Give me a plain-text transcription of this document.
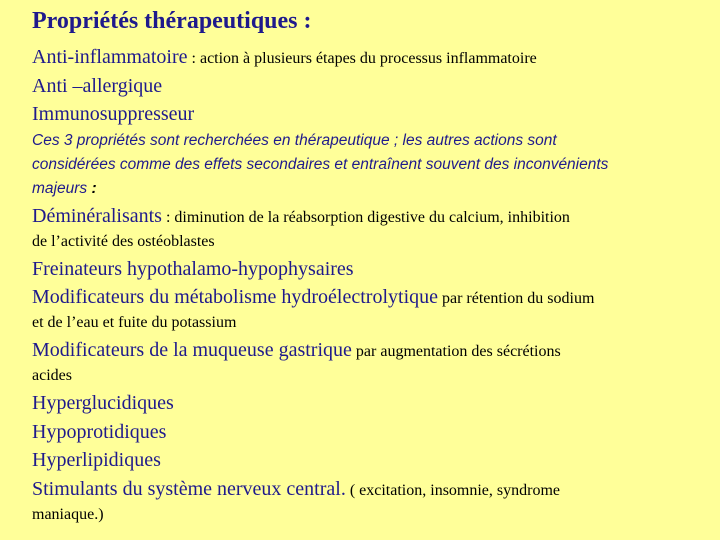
Propriétés thérapeutiques :
Anti-inflammatoire : action à plusieurs étapes du processus inflammatoire
Anti –allergique
Immunosuppresseur
Ces 3 propriétés sont recherchées en thérapeutique ; les autres actions sont
considérées comme des effets secondaires et entraînent souvent des inconvénients
majeurs :
Déminéralisants : diminution de la réabsorption digestive du calcium, inhibition
de l’activité des ostéoblastes
Freinateurs hypothalamo-hypophysaires
Modificateurs du métabolisme hydroélectrolytique par rétention du sodium
et de l’eau et fuite du potassium
Modificateurs de la muqueuse gastrique par augmentation des sécrétions
acides
Hyperglucidiques
Hypoprotidiques
Hyperlipidiques
Stimulants du système nerveux central. ( excitation, insomnie, syndrome
maniaque.)
